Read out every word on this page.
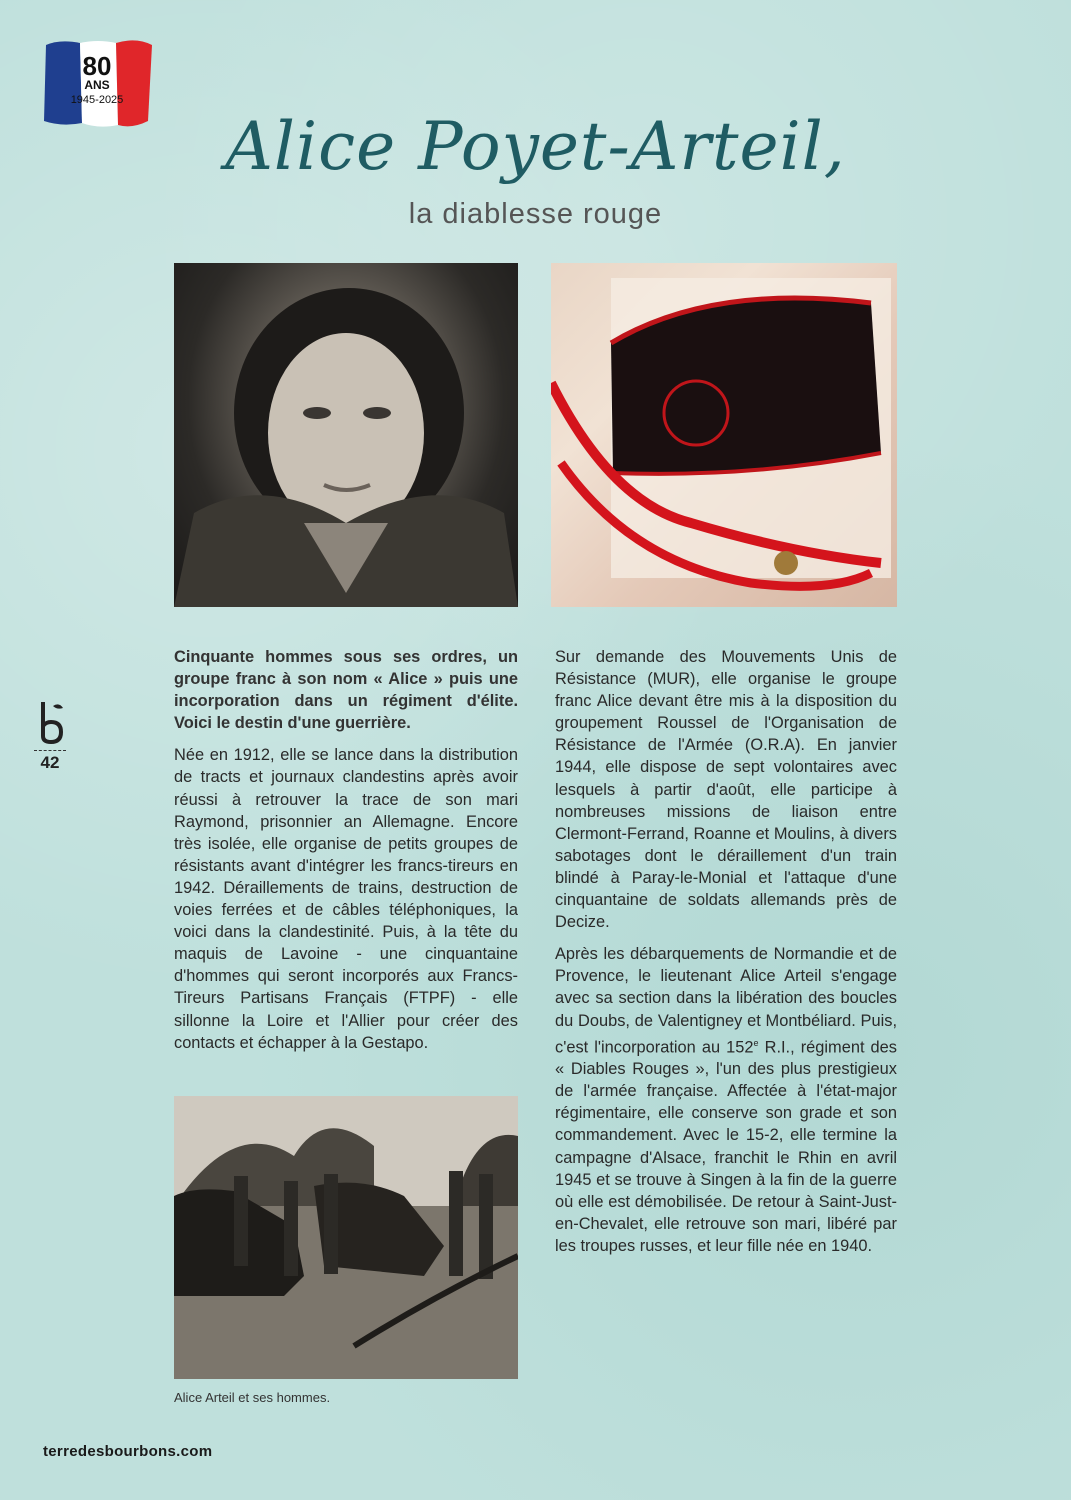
80
ANS
1945-2025
Alice Poyet-Arteil,
la diablesse rouge
42

Cinquante hommes sous ses ordres, un groupe franc à son nom « Alice » puis une incorporation dans un régiment d'élite. Voici le destin d'une guerrière.

Née en 1912, elle se lance dans la distribution de tracts et journaux clandestins après avoir réussi à retrouver la trace de son mari Raymond, prisonnier an Allemagne. Encore très isolée, elle organise de petits groupes de résistants avant d'intégrer les francs-tireurs en 1942. Déraillements de trains, destruction de voies ferrées et de câbles téléphoniques, la voici dans la clandestinité. Puis, à la tête du maquis de Lavoine - une cinquantaine d'hommes qui seront incorporés aux Francs-Tireurs Partisans Français (FTPF) - elle sillonne la Loire et l'Allier pour créer des contacts et échapper à la Gestapo.

Alice Arteil et ses hommes.

Sur demande des Mouvements Unis de Résistance (MUR), elle organise le groupe franc Alice devant être mis à la disposition du groupement Roussel de l'Organisation de Résistance de l'Armée (O.R.A). En janvier 1944, elle dispose de sept volontaires avec lesquels à partir d'août, elle participe à nombreuses missions de liaison entre Clermont-Ferrand, Roanne et Moulins, à divers sabotages dont le déraillement d'un train blindé à Paray-le-Monial et l'attaque d'une cinquantaine de soldats allemands près de Decize.

Après les débarquements de Normandie et de Provence, le lieutenant Alice Arteil s'engage avec sa section dans la libération des boucles du Doubs, de Valentigney et Montbéliard. Puis, c'est l'incorporation au 152e R.I., régiment des « Diables Rouges », l'un des plus prestigieux de l'armée française. Affectée à l'état-major régimentaire, elle conserve son grade et son commandement. Avec le 15-2, elle termine la campagne d'Alsace, franchit le Rhin en avril 1945 et se trouve à Singen à la fin de la guerre où elle est démobilisée. De retour à Saint-Just-en-Chevalet, elle retrouve son mari, libéré par les troupes russes, et leur fille née en 1940.

terredesbourbons.com
